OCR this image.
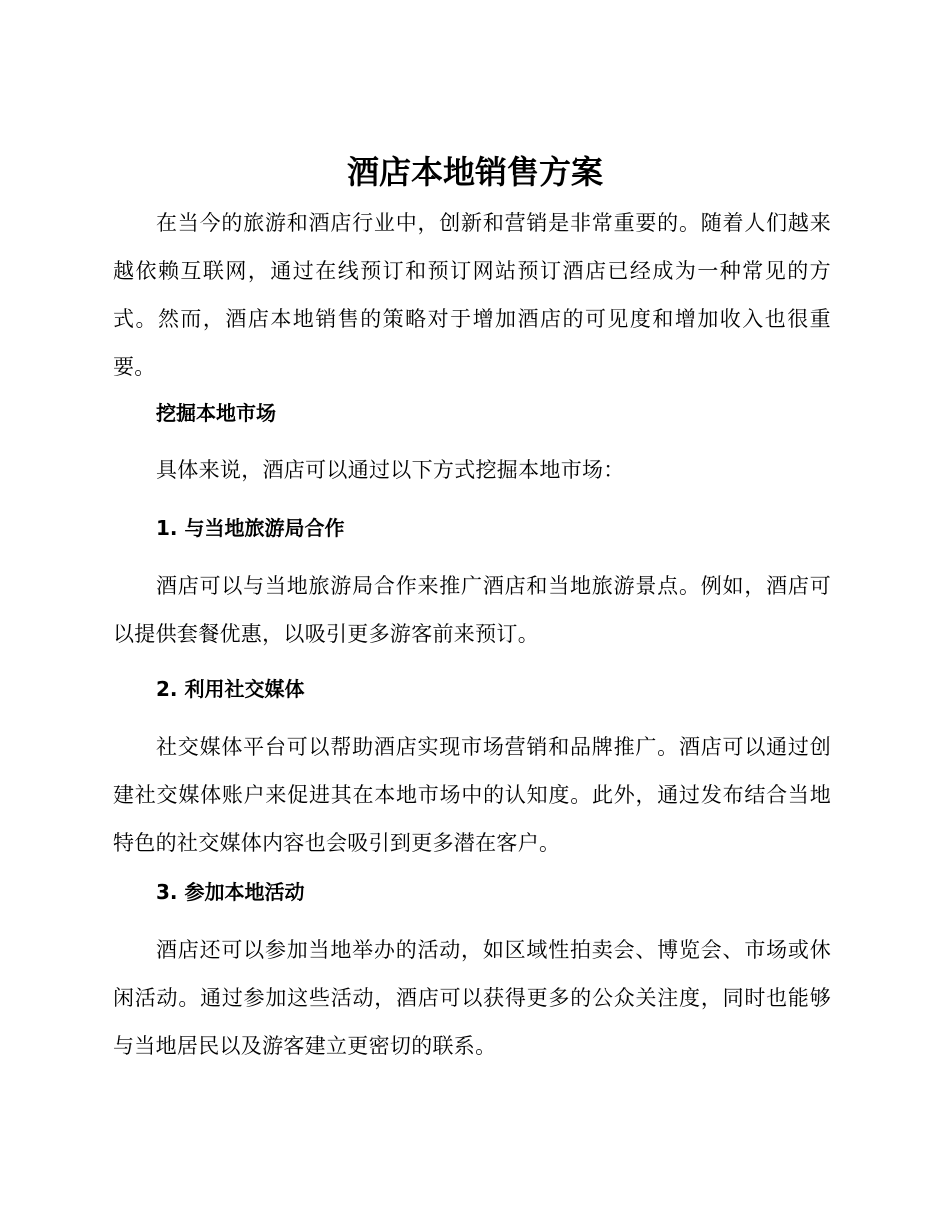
酒店本地销售方案

在当今的旅游和酒店行业中，创新和营销是非常重要的。随着人们越来越依赖互联网，通过在线预订和预订网站预订酒店已经成为一种常见的方式。然而，酒店本地销售的策略对于增加酒店的可见度和增加收入也很重要。

挖掘本地市场

具体来说，酒店可以通过以下方式挖掘本地市场：

1. 与当地旅游局合作

酒店可以与当地旅游局合作来推广酒店和当地旅游景点。例如，酒店可以提供套餐优惠，以吸引更多游客前来预订。

2. 利用社交媒体

社交媒体平台可以帮助酒店实现市场营销和品牌推广。酒店可以通过创建社交媒体账户来促进其在本地市场中的认知度。此外，通过发布结合当地特色的社交媒体内容也会吸引到更多潜在客户。

3. 参加本地活动

酒店还可以参加当地举办的活动，如区域性拍卖会、博览会、市场或休闲活动。通过参加这些活动，酒店可以获得更多的公众关注度，同时也能够与当地居民以及游客建立更密切的联系。
